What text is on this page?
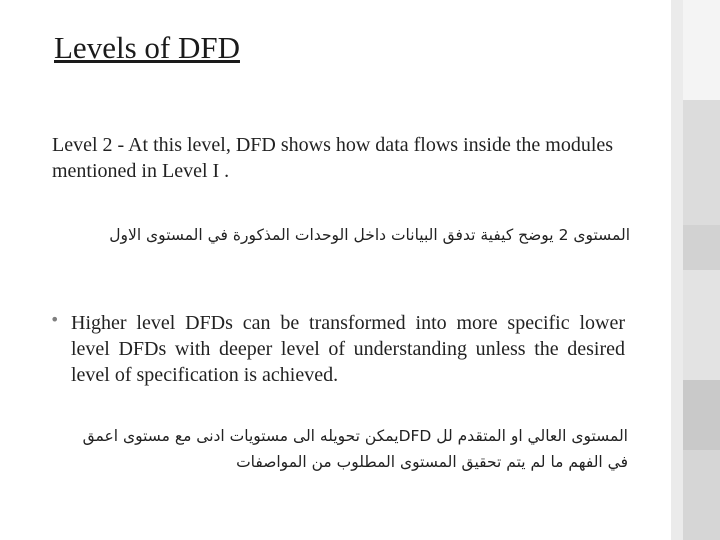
Levels of DFD
Level 2 - At this level, DFD shows how data flows inside the modules mentioned in Level I .
المستوى 2 يوضح كيفية تدفق البيانات داخل الوحدات المذكورة في المستوى الاول
• Higher level DFDs can be transformed into more specific lower level DFDs with deeper level of understanding unless the desired level of specification is achieved.
المستوى العالي او المتقدم لل DFDيمكن تحويله الى مستويات ادنى مع مستوى اعمق في الفهم ما لم يتم تحقيق المستوى المطلوب من المواصفات
